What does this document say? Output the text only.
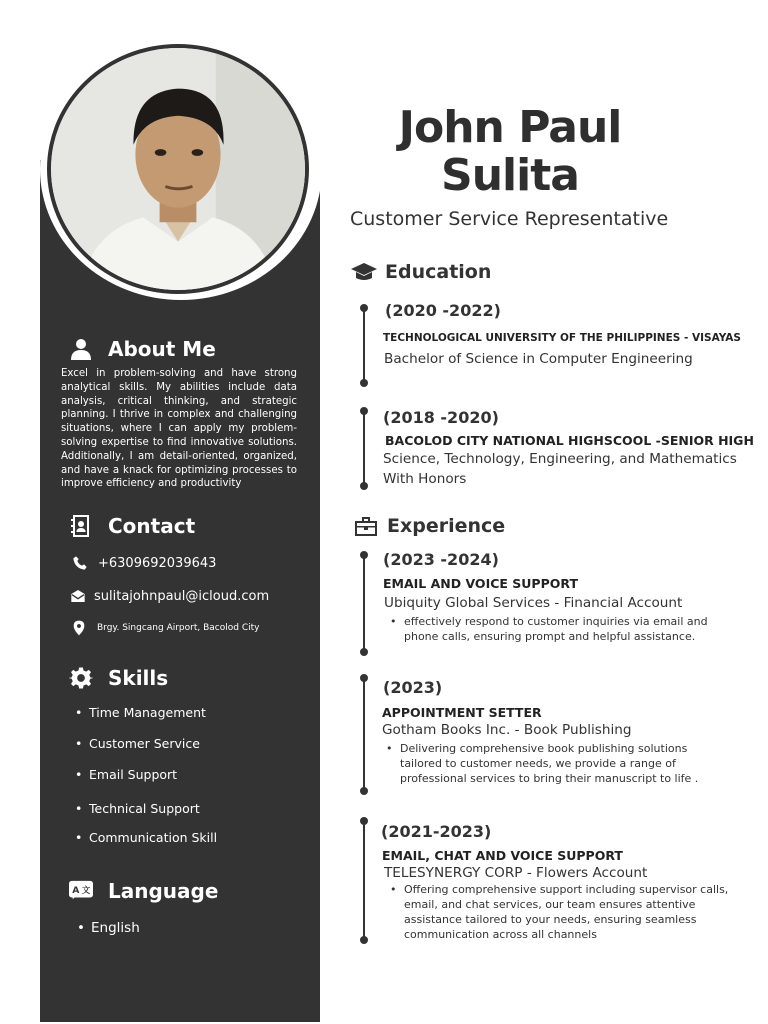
About Me
Excel in problem-solving and have strong analytical skills. My abilities include data analysis, critical thinking, and strategic planning. I thrive in complex and challenging situations, where I can apply my problem-solving expertise to find innovative solutions. Additionally, I am detail-oriented, organized, and have a knack for optimizing processes to improve efficiency and productivity
Contact
+6309692039643
sulitajohnpaul@icloud.com
Brgy. Singcang Airport, Bacolod City
Skills
• Time Management
• Customer Service
• Email Support
• Technical Support
• Communication Skill
A 文 Language
• English
John Paul
Sulita
Customer Service Representative
Education
(2020 -2022)
TECHNOLOGICAL UNIVERSITY OF THE PHILIPPINES - VISAYAS
Bachelor of Science in Computer Engineering
(2018 -2020)
BACOLOD CITY NATIONAL HIGHSCOOL -SENIOR HIGH
Science, Technology, Engineering, and Mathematics
With Honors
Experience
(2023 -2024)
EMAIL AND VOICE SUPPORT
Ubiquity Global Services - Financial Account
• effectively respond to customer inquiries via email and phone calls, ensuring prompt and helpful assistance.
(2023)
APPOINTMENT SETTER
Gotham Books Inc. - Book Publishing
• Delivering comprehensive book publishing solutions tailored to customer needs, we provide a range of professional services to bring their manuscript to life .
(2021-2023)
EMAIL, CHAT AND VOICE SUPPORT
TELESYNERGY CORP - Flowers Account
• Offering comprehensive support including supervisor calls, email, and chat services, our team ensures attentive assistance tailored to your needs, ensuring seamless communication across all channels
